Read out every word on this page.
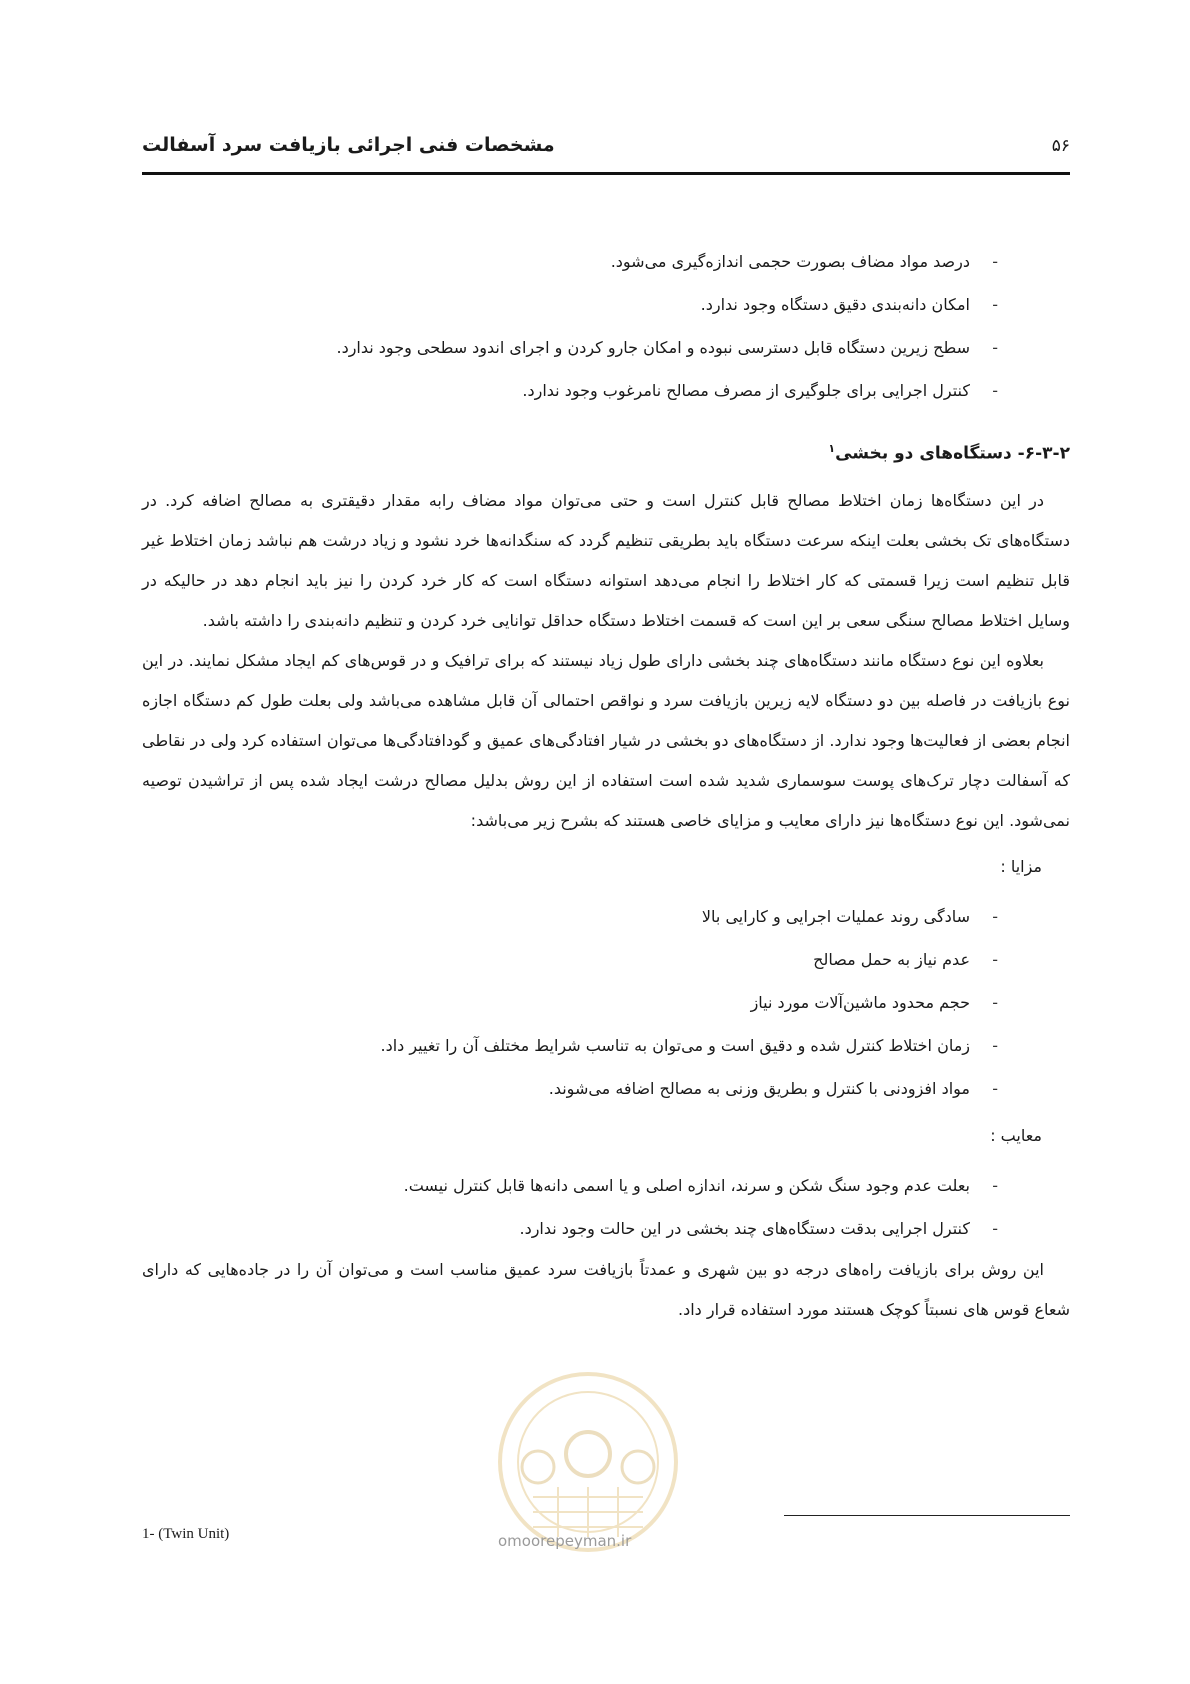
مشخصات فنی اجرائی بازیافت سرد آسفالت	۵۶
-
درصد مواد مضاف بصورت حجمی اندازه‌گیری می‌شود.
-
امکان دانه‌بندی دقیق دستگاه وجود ندارد.
-
سطح زیرین دستگاه قابل دسترسی نبوده و امکان جارو کردن و اجرای اندود سطحی وجود ندارد.
-
کنترل اجرایی برای جلوگیری از مصرف مصالح نامرغوب وجود ندارد.
۶-۳-۲- دستگاه‌های دو بخشی$^۱$

در این دستگاه‌ها زمان اختلاط مصالح قابل کنترل است و حتی می‌توان مواد مضاف رابه مقدار دقیقتری به مصالح اضافه کرد. در دستگاه‌های تک بخشی بعلت اینکه سرعت دستگاه باید بطریقی تنظیم گردد که سنگدانه‌ها خرد نشود و زیاد درشت هم نباشد زمان اختلاط غیر قابل تنظیم است زیرا قسمتی که کار اختلاط را انجام می‌دهد استوانه دستگاه است که کار خرد کردن را نیز باید انجام دهد در حالیکه در وسایل اختلاط مصالح سنگی سعی بر این است که قسمت اختلاط دستگاه حداقل توانایی خرد کردن و تنظیم دانه‌بندی را داشته باشد.

بعلاوه این نوع دستگاه مانند دستگاه‌های چند بخشی دارای طول زیاد نیستند که برای ترافیک و در قوس‌های کم ایجاد مشکل نمایند. در این نوع بازیافت در فاصله بین دو دستگاه لایه زیرین بازیافت سرد و نواقص احتمالی آن قابل مشاهده می‌باشد ولی بعلت طول کم دستگاه اجازه انجام بعضی از فعالیت‌ها وجود ندارد. از دستگاه‌های دو بخشی در شیار افتادگی‌های عمیق و گودافتادگی‌ها می‌توان استفاده کرد ولی در نقاطی که آسفالت دچار ترک‌های پوست سوسماری شدید شده است استفاده از این روش بدلیل مصالح درشت ایجاد شده پس از تراشیدن توصیه نمی‌شود. این نوع دستگاه‌ها نیز دارای معایب و مزایای خاصی هستند که بشرح زیر می‌باشد:

مزایا :
-
سادگی روند عملیات اجرایی و کارایی بالا
-
عدم نیاز به حمل مصالح
-
حجم محدود ماشین‌آلات مورد نیاز
-
زمان اختلاط کنترل شده و دقیق است و می‌توان به تناسب شرایط مختلف آن را تغییر داد.
-
مواد افزودنی با کنترل و بطریق وزنی به مصالح اضافه می‌شوند.
معایب :
-
بعلت عدم وجود سنگ شکن و سرند، اندازه اصلی و یا اسمی دانه‌ها قابل کنترل نیست.
-
کنترل اجرایی بدقت دستگاه‌های چند بخشی در این حالت وجود ندارد.

این روش برای بازیافت راه‌های درجه دو بین شهری و عمدتاً بازیافت سرد عمیق مناسب است و می‌توان آن را در جاده‌هایی که دارای شعاع قوس های نسبتاً کوچک هستند مورد استفاده قرار داد.

omoorepeyman.ir
1- (Twin Unit)
